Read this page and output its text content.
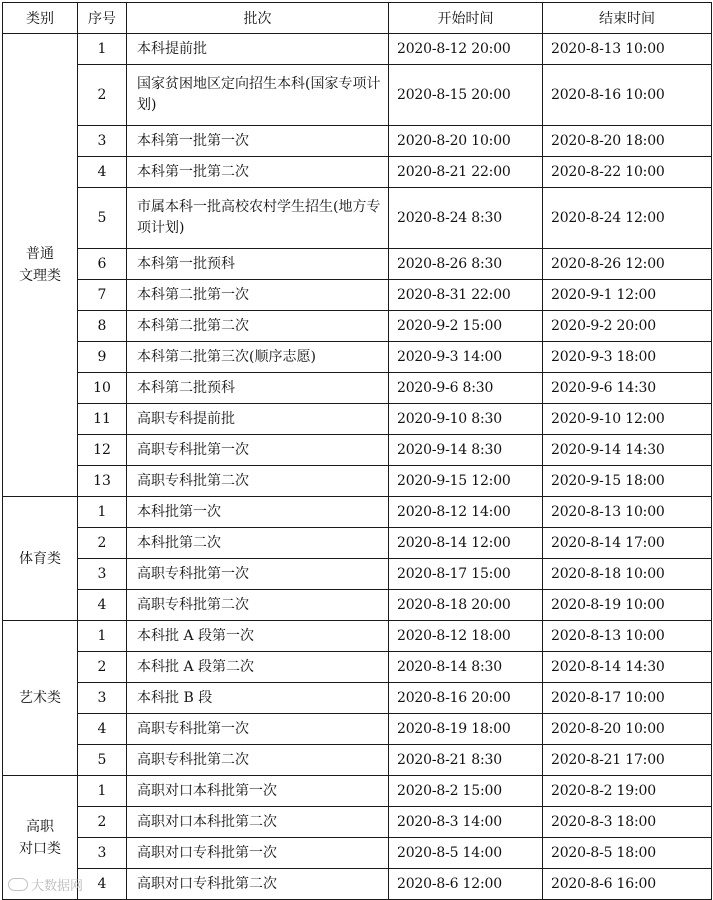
类别	序号	批次	开始时间	结束时间

普通
文理类	1	本科提前批	2020-8-12 20:00	2020-8-13 10:00
	2	国家贫困地区定向招生本科(国家专项计划)	2020-8-15 20:00	2020-8-16 10:00
	3	本科第一批第一次	2020-8-20 10:00	2020-8-20 18:00
	4	本科第一批第二次	2020-8-21 22:00	2020-8-22 10:00
	5	市属本科一批高校农村学生招生(地方专项计划)	2020-8-24 8:30	2020-8-24 12:00
	6	本科第一批预科	2020-8-26 8:30	2020-8-26 12:00
	7	本科第二批第一次	2020-8-31 22:00	2020-9-1 12:00
	8	本科第二批第二次	2020-9-2 15:00	2020-9-2 20:00
	9	本科第二批第三次(顺序志愿)	2020-9-3 14:00	2020-9-3 18:00
	10	本科第二批预科	2020-9-6 8:30	2020-9-6 14:30
	11	高职专科提前批	2020-9-10 8:30	2020-9-10 12:00
	12	高职专科批第一次	2020-9-14 8:30	2020-9-14 14:30
	13	高职专科批第二次	2020-9-15 12:00	2020-9-15 18:00

体育类	1	本科批第一次	2020-8-12 14:00	2020-8-13 10:00
	2	本科批第二次	2020-8-14 12:00	2020-8-14 17:00
	3	高职专科批第一次	2020-8-17 15:00	2020-8-18 10:00
	4	高职专科批第二次	2020-8-18 20:00	2020-8-19 10:00

艺术类	1	本科批 A 段第一次	2020-8-12 18:00	2020-8-13 10:00
	2	本科批 A 段第二次	2020-8-14 8:30	2020-8-14 14:30
	3	本科批 B 段	2020-8-16 20:00	2020-8-17 10:00
	4	高职专科批第一次	2020-8-19 18:00	2020-8-20 10:00
	5	高职专科批第二次	2020-8-21 8:30	2020-8-21 17:00

高职
对口类	1	高职对口本科批第一次	2020-8-2 15:00	2020-8-2 19:00
	2	高职对口本科批第二次	2020-8-3 14:00	2020-8-3 18:00
	3	高职对口专科批第一次	2020-8-5 14:00	2020-8-5 18:00
	4	高职对口专科批第二次	2020-8-6 12:00	2020-8-6 16:00
大数据网
